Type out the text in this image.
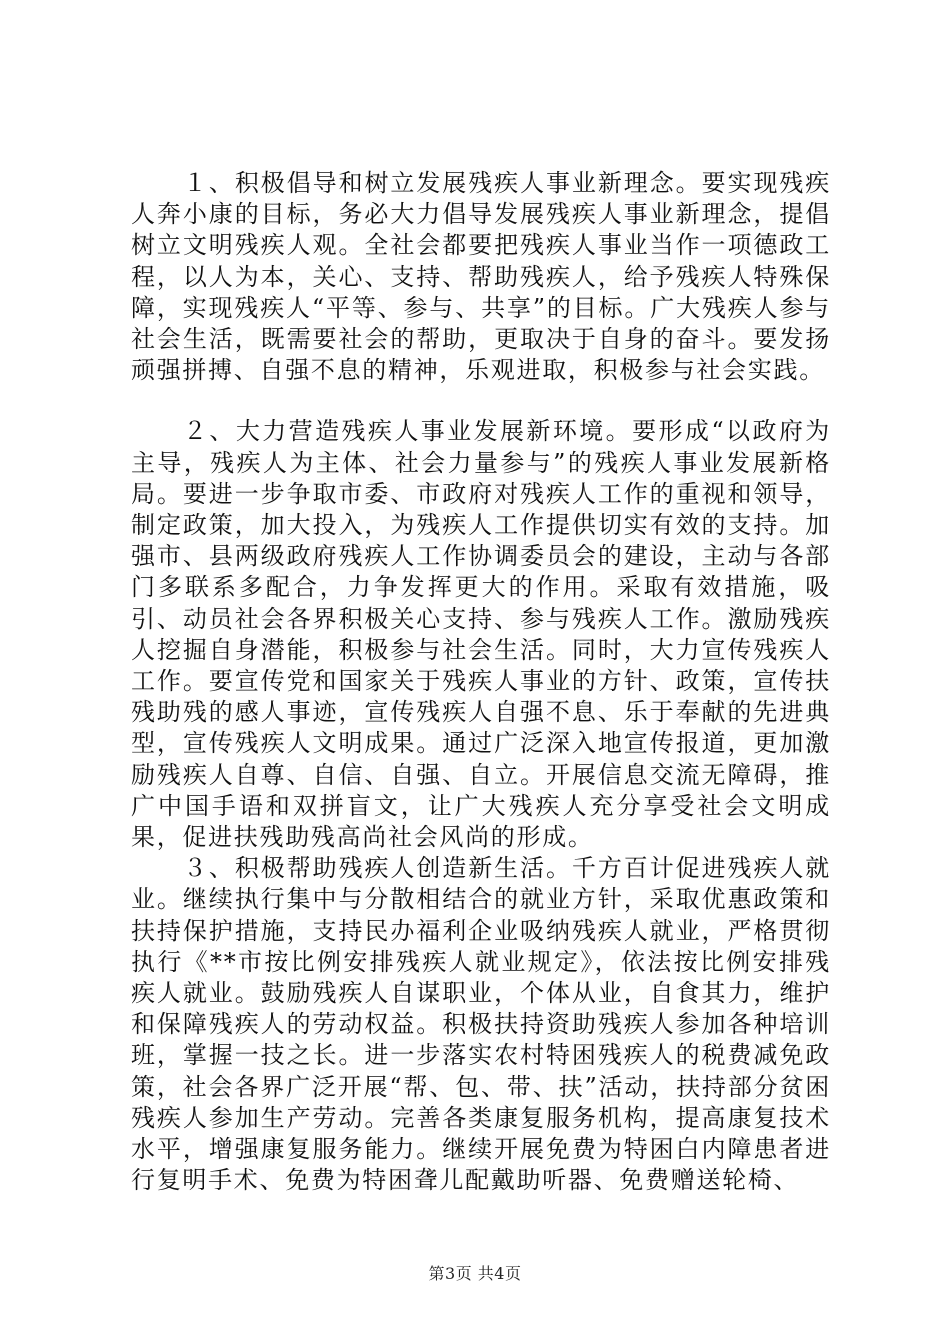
１、积极倡导和树立发展残疾人事业新理念。要实现残疾人奔小康的目标，务必大力倡导发展残疾人事业新理念，提倡树立文明残疾人观。全社会都要把残疾人事业当作一项德政工程，以人为本，关心、支持、帮助残疾人，给予残疾人特殊保障，实现残疾人“平等、参与、共享”的目标。广大残疾人参与社会生活，既需要社会的帮助，更取决于自身的奋斗。要发扬顽强拼搏、自强不息的精神，乐观进取，积极参与社会实践。

２、大力营造残疾人事业发展新环境。要形成“以政府为主导，残疾人为主体、社会力量参与”的残疾人事业发展新格局。要进一步争取市委、市政府对残疾人工作的重视和领导，制定政策，加大投入，为残疾人工作提供切实有效的支持。加强市、县两级政府残疾人工作协调委员会的建设，主动与各部门多联系多配合，力争发挥更大的作用。采取有效措施，吸引、动员社会各界积极关心支持、参与残疾人工作。激励残疾人挖掘自身潜能，积极参与社会生活。同时，大力宣传残疾人工作。要宣传党和国家关于残疾人事业的方针、政策，宣传扶残助残的感人事迹，宣传残疾人自强不息、乐于奉献的先进典型，宣传残疾人文明成果。通过广泛深入地宣传报道，更加激励残疾人自尊、自信、自强、自立。开展信息交流无障碍，推广中国手语和双拼盲文，让广大残疾人充分享受社会文明成果，促进扶残助残高尚社会风尚的形成。

３、积极帮助残疾人创造新生活。千方百计促进残疾人就业。继续执行集中与分散相结合的就业方针，采取优惠政策和扶持保护措施，支持民办福利企业吸纳残疾人就业，严格贯彻执行《**市按比例安排残疾人就业规定》，依法按比例安排残疾人就业。鼓励残疾人自谋职业，个体从业，自食其力，维护和保障残疾人的劳动权益。积极扶持资助残疾人参加各种培训班，掌握一技之长。进一步落实农村特困残疾人的税费减免政策，社会各界广泛开展“帮、包、带、扶”活动，扶持部分贫困残疾人参加生产劳动。完善各类康复服务机构，提高康复技术水平，增强康复服务能力。继续开展免费为特困白内障患者进行复明手术、免费为特困聋儿配戴助听器、免费赠送轮椅、

第3页 共4页
